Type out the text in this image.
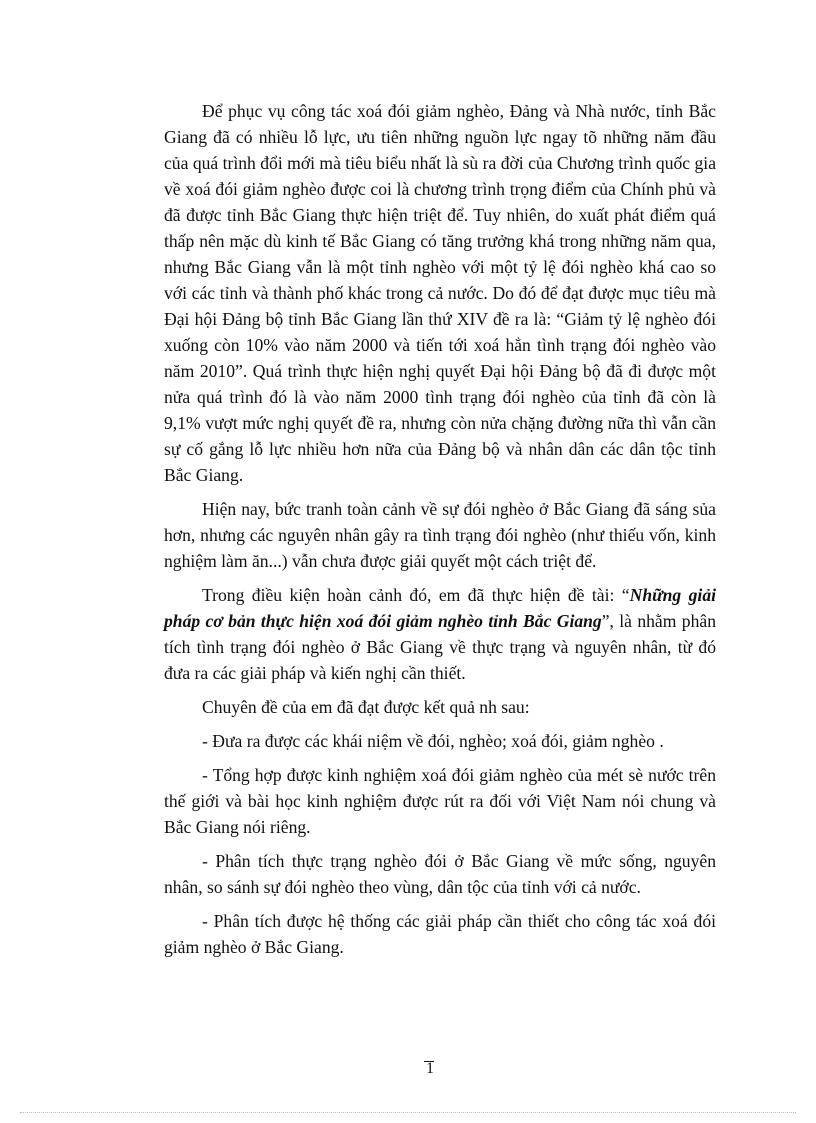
Để phục vụ công tác xoá đói giảm nghèo, Đảng và Nhà nước, tỉnh Bắc Giang đã có nhiều lỗ lực, ưu tiên những nguồn lực ngay tõ những năm đầu của quá trình đổi mới mà tiêu biểu nhất là sù ra đời của Chương trình quốc gia về xoá đói giảm nghèo được coi là chương trình trọng điểm của Chính phủ và đã được tỉnh Bắc Giang thực hiện triệt để. Tuy nhiên, do xuất phát điểm quá thấp nên mặc dù kinh tế Bắc Giang có tăng trưởng khá trong những năm qua, nhưng Bắc Giang vẫn là một tỉnh nghèo với một tỷ lệ đói nghèo khá cao so với các tỉnh và thành phố khác trong cả nước. Do đó để đạt được mục tiêu mà Đại hội Đảng bộ tỉnh Bắc Giang lần thứ XIV đề ra là: “Giảm tỷ lệ nghèo đói xuống còn 10% vào năm 2000 và tiến tới xoá hẳn tình trạng đói nghèo vào năm 2010”. Quá trình thực hiện nghị quyết Đại hội Đảng bộ đã đi được một nửa quá trình đó là vào năm 2000 tình trạng đói nghèo của tỉnh đã còn là 9,1% vượt mức nghị quyết đề ra, nhưng còn nửa chặng đường nữa thì vẫn cần sự cố gắng lỗ lực nhiều hơn nữa của Đảng bộ và nhân dân các dân tộc tỉnh Bắc Giang.

Hiện nay, bức tranh toàn cảnh về sự đói nghèo ở Bắc Giang đã sáng sủa hơn, nhưng các nguyên nhân gây ra tình trạng đói nghèo (như thiếu vốn, kinh nghiệm làm ăn...) vẫn chưa được giải quyết một cách triệt để.

Trong điều kiện hoàn cảnh đó, em đã thực hiện đề tài: “Những giải pháp cơ bản thực hiện xoá đói giảm nghèo tỉnh Bắc Giang”, là nhằm phân tích tình trạng đói nghèo ở Bắc Giang về thực trạng và nguyên nhân, từ đó đưa ra các giải pháp và kiến nghị cần thiết.

Chuyên đề của em đã đạt được kết quả nh sau:

- Đưa ra được các khái niệm về đói, nghèo; xoá đói, giảm nghèo .

- Tổng hợp được kinh nghiệm xoá đói giảm nghèo của mét sè nước trên thế giới và bài học kinh nghiệm được rút ra đối với Việt Nam nói chung và Bắc Giang nói riêng.

- Phân tích thực trạng nghèo đói ở Bắc Giang về mức sống, nguyên nhân, so sánh sự đói nghèo theo vùng, dân tộc của tỉnh với cả nước.

- Phân tích được hệ thống các giải pháp cần thiết cho công tác xoá đói giảm nghèo ở Bắc Giang.

1
